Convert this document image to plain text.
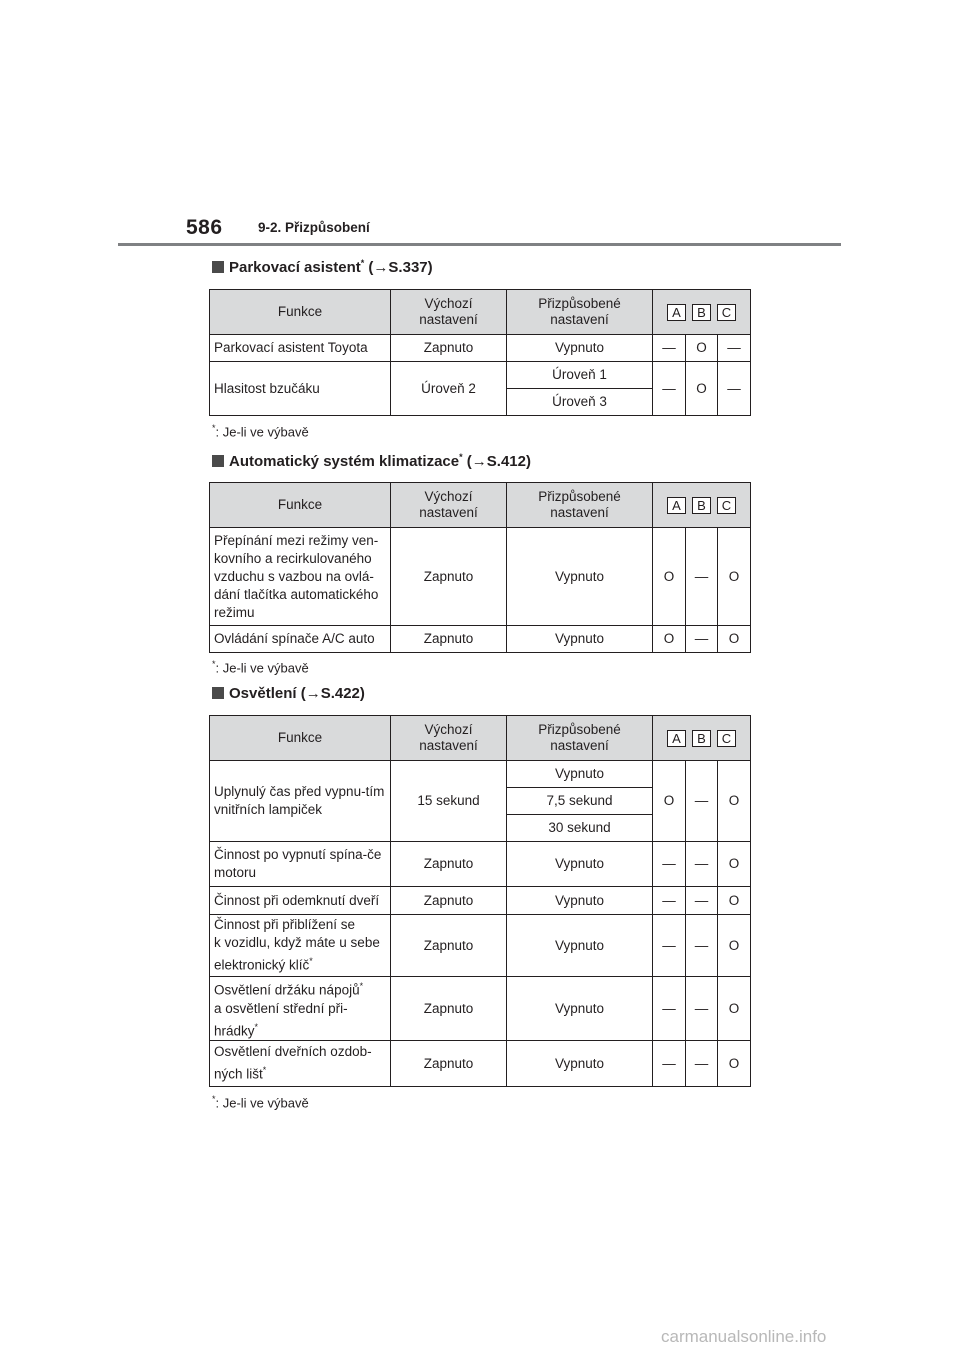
586	9-2. Přizpůsobení
Parkovací asistent* (→S.337)
Funkce	Výchozí nastavení	Přizpůsobené nastavení	A B C		
Parkovací asistent Toyota	Zapnuto	Vypnuto	—	O	—
Hlasitost bzučáku	Úroveň 2	Úroveň 1	—	O	—
		Úroveň 3			
*: Je-li ve výbavě
Automatický systém klimatizace* (→S.412)
Funkce	Výchozí nastavení	Přizpůsobené nastavení	A B C		
Přepínání mezi režimy ven-kovního a recirkulovaného vzduchu s vazbou na ovlá-dání tlačítka automatického režimu	Zapnuto	Vypnuto	O	—	O
Ovládání spínače A/C auto	Zapnuto	Vypnuto	O	—	O
*: Je-li ve výbavě
Osvětlení (→S.422)
Funkce	Výchozí nastavení	Přizpůsobené nastavení	A B C		
Uplynulý čas před vypnu-tím vnitřních lampiček	15 sekund	Vypnuto	O	—	O
		7,5 sekund			
		30 sekund			
Činnost po vypnutí spína-če motoru	Zapnuto	Vypnuto	—	—	O
Činnost při odemknutí dveří	Zapnuto	Vypnuto	—	—	O
Činnost při přiblížení se
k vozidlu, když máte u sebe
elektronický klíč*	Zapnuto	Vypnuto	—	—	O
Osvětlení držáku nápojů*
a osvětlení střední při-
hrádky*	Zapnuto	Vypnuto	—	—	O
Osvětlení dveřních ozdob-
ných lišt*	Zapnuto	Vypnuto	—	—	O
*: Je-li ve výbavě
carmanualsonline.info
